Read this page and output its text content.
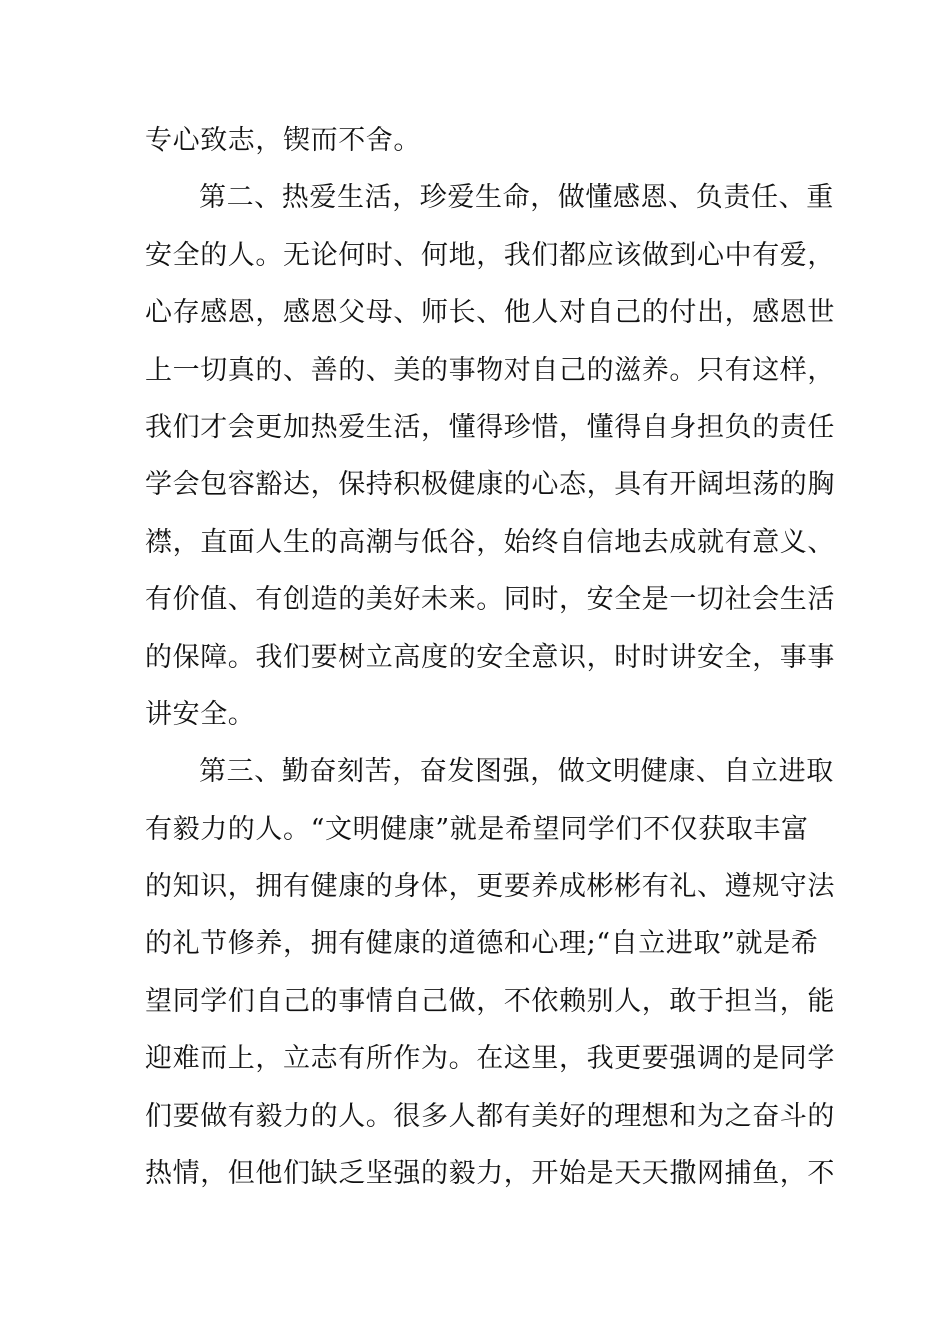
专心致志，锲而不舍。
第二、热爱生活，珍爱生命，做懂感恩、负责任、重
安全的人。无论何时、何地，我们都应该做到心中有爱，
心存感恩，感恩父母、师长、他人对自己的付出，感恩世
上一切真的、善的、美的事物对自己的滋养。只有这样，
我们才会更加热爱生活，懂得珍惜，懂得自身担负的责任
学会包容豁达，保持积极健康的心态，具有开阔坦荡的胸
襟，直面人生的高潮与低谷，始终自信地去成就有意义、
有价值、有创造的美好未来。同时，安全是一切社会生活
的保障。我们要树立高度的安全意识，时时讲安全，事事
讲安全。
第三、勤奋刻苦，奋发图强，做文明健康、自立进取
有毅力的人。“文明健康”就是希望同学们不仅获取丰富
的知识，拥有健康的身体，更要养成彬彬有礼、遵规守法
的礼节修养，拥有健康的道德和心理;“自立进取”就是希
望同学们自己的事情自己做，不依赖别人，敢于担当，能
迎难而上，立志有所作为。在这里，我更要强调的是同学
们要做有毅力的人。很多人都有美好的理想和为之奋斗的
热情，但他们缺乏坚强的毅力，开始是天天撒网捕鱼，不
